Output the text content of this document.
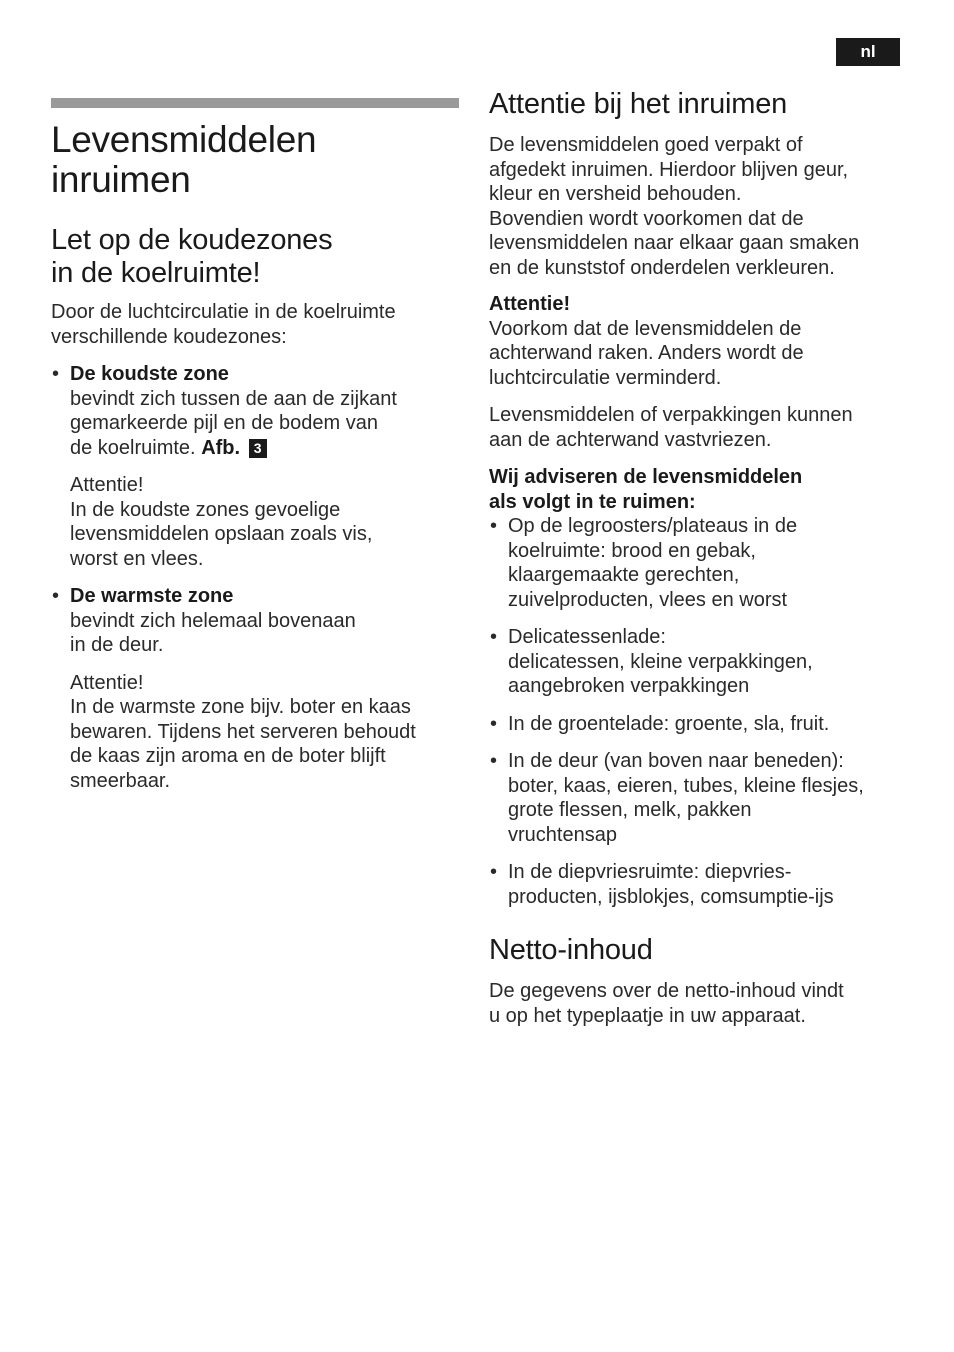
nl
Levensmiddelen
inruimen
Let op de koudezones
in de koelruimte!

Door de luchtcirculatie in de koelruimte
verschillende koudezones:

• De koudste zone
bevindt zich tussen de aan de zijkant
gemarkeerde pijl en de bodem van
de koelruimte. Afb. 3
Attentie!
In de koudste zones gevoelige
levensmiddelen opslaan zoals vis,
worst en vlees.
• De warmste zone
bevindt zich helemaal bovenaan
in de deur.
Attentie!
In de warmste zone bijv. boter en kaas
bewaren. Tijdens het serveren behoudt
de kaas zijn aroma en de boter blijft
smeerbaar.
Attentie bij het inruimen

De levensmiddelen goed verpakt of
afgedekt inruimen. Hierdoor blijven geur,
kleur en versheid behouden.
Bovendien wordt voorkomen dat de
levensmiddelen naar elkaar gaan smaken
en de kunststof onderdelen verkleuren.

Attentie!

Voorkom dat de levensmiddelen de
achterwand raken. Anders wordt de
luchtcirculatie verminderd.

Levensmiddelen of verpakkingen kunnen
aan de achterwand vastvriezen.

Wij adviseren de levensmiddelen
als volgt in te ruimen:

• Op de legroosters/plateaus in de
koelruimte: brood en gebak,
klaargemaakte gerechten,
zuivelproducten, vlees en worst
• Delicatessenlade:
delicatessen, kleine verpakkingen,
aangebroken verpakkingen
• In de groentelade: groente, sla, fruit.
• In de deur (van boven naar beneden):
boter, kaas, eieren, tubes, kleine flesjes,
grote flessen, melk, pakken
vruchtensap
• In de diepvriesruimte: diepvries-
producten, ijsblokjes, comsumptie-ijs
Netto-inhoud

De gegevens over de netto-inhoud vindt
u op het typeplaatje in uw apparaat.
